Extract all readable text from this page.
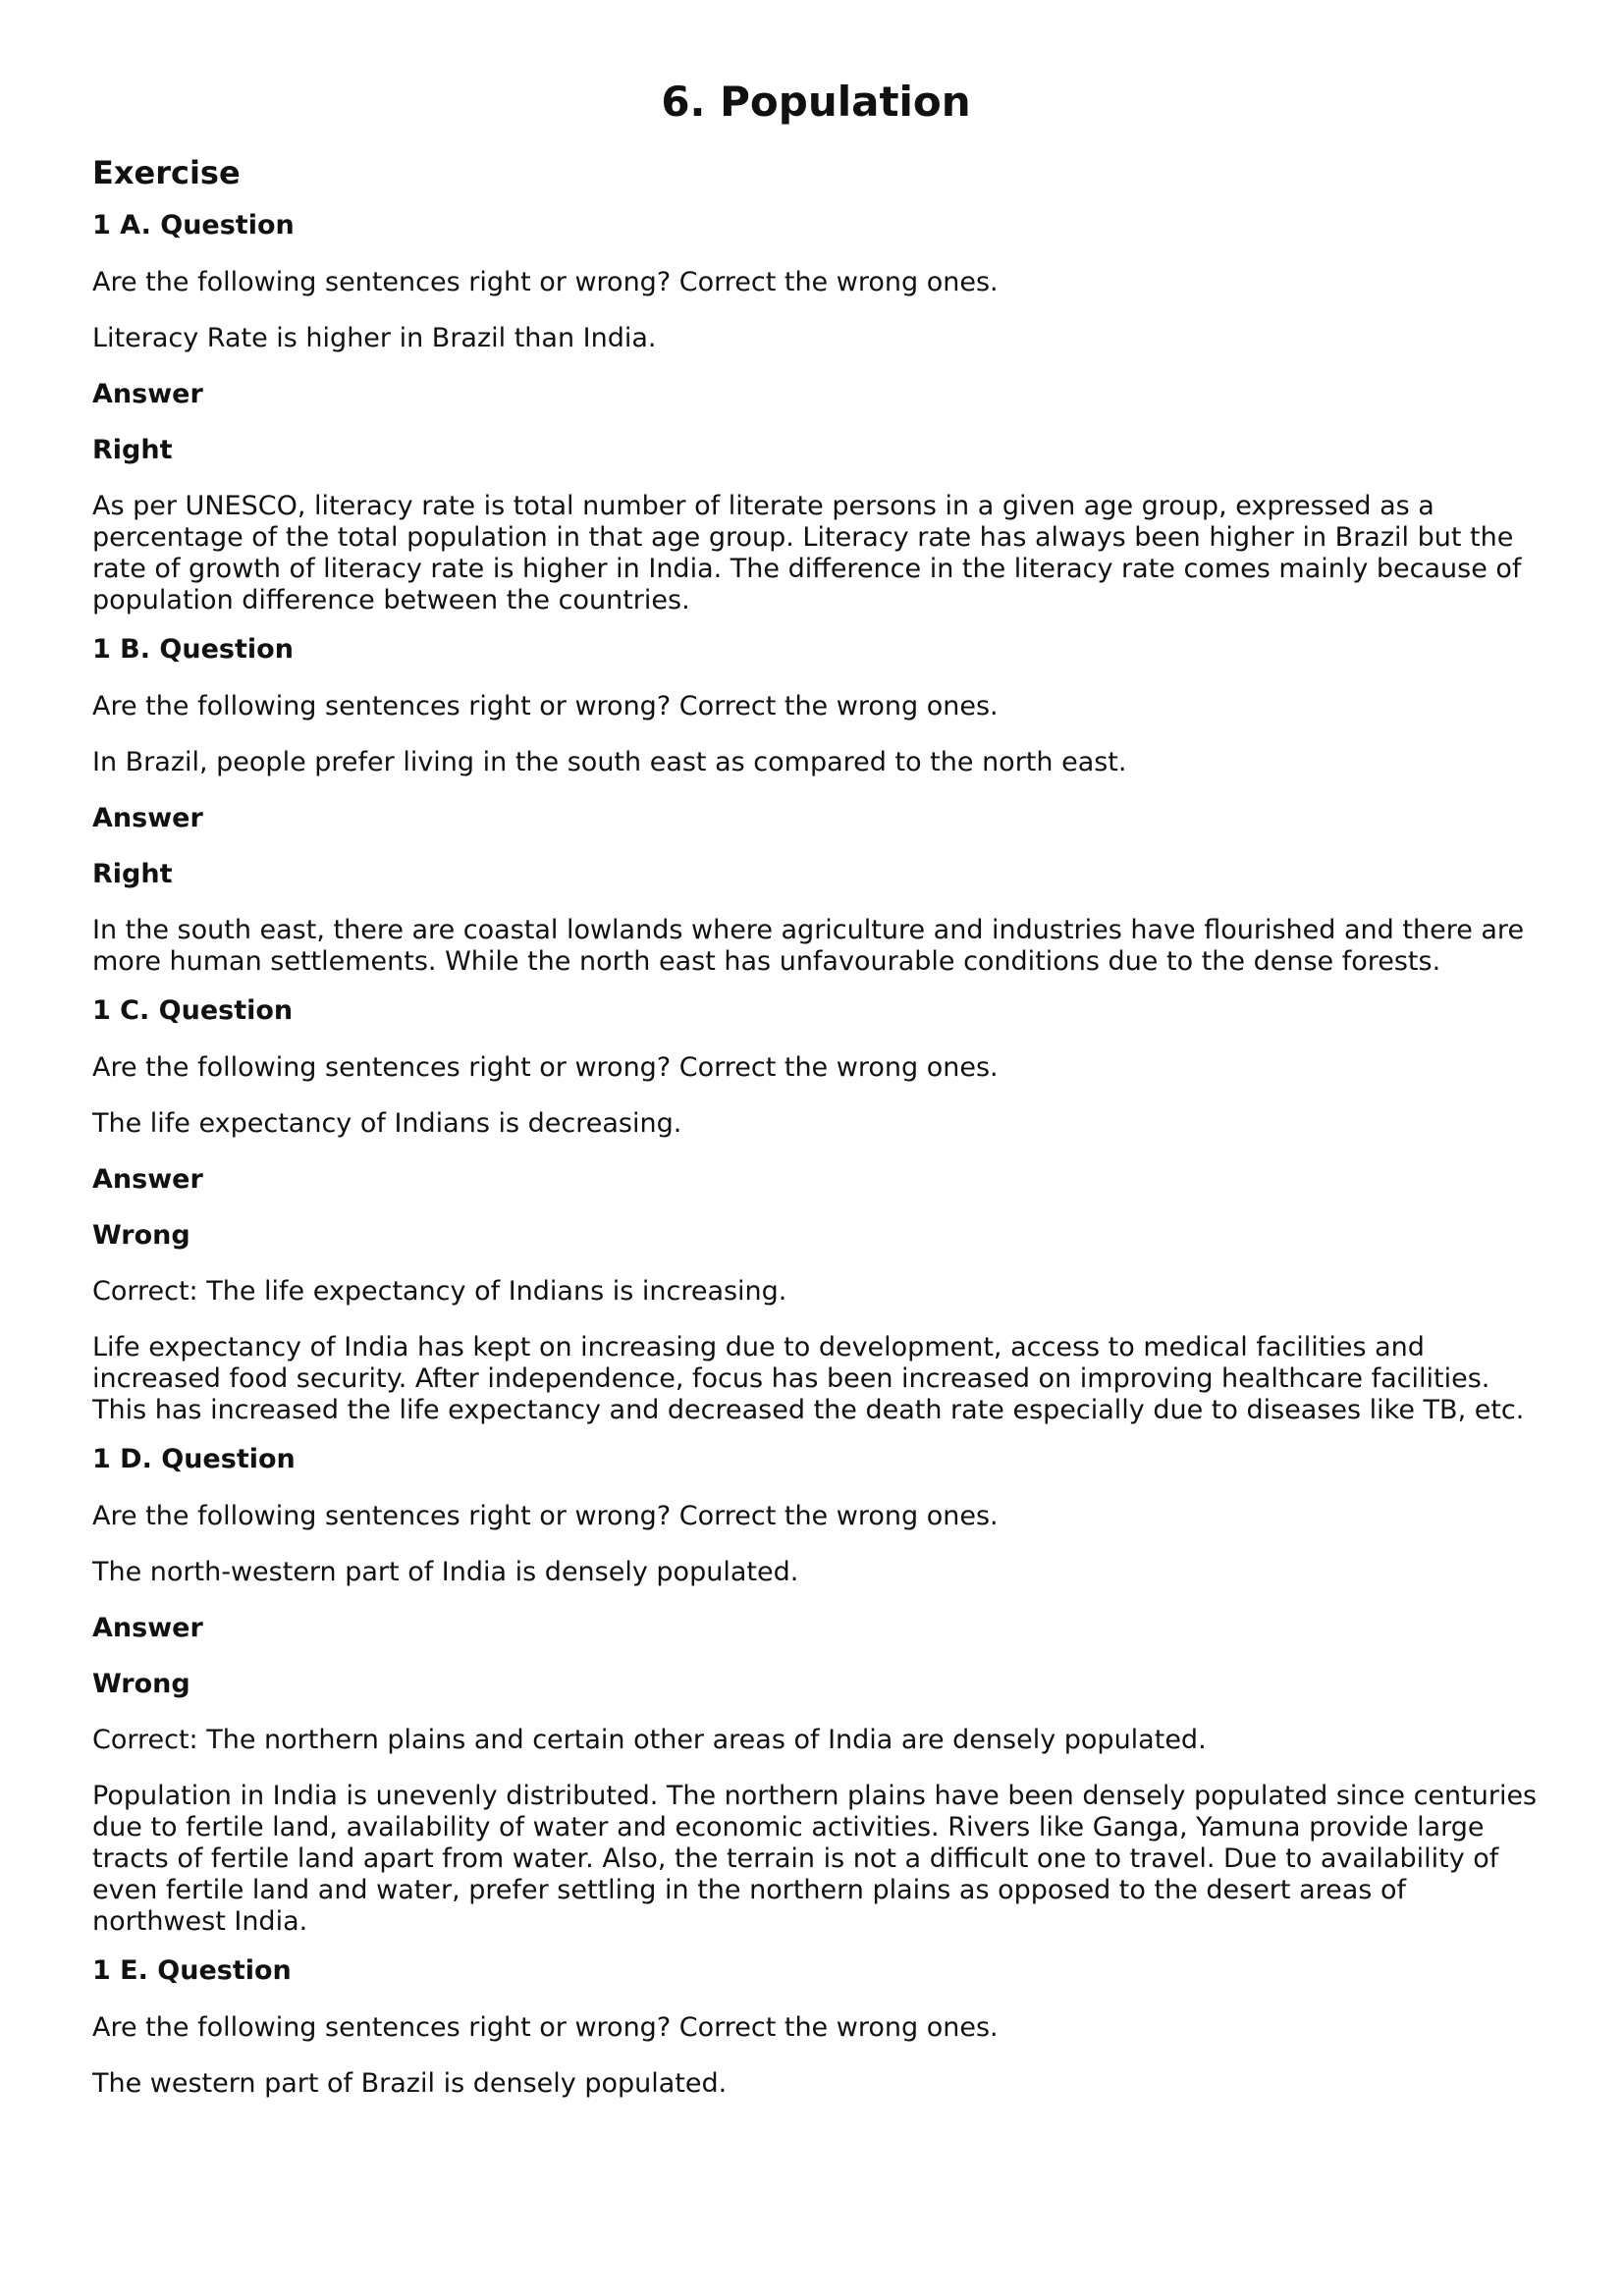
6. Population
Exercise
1 A. Question

Are the following sentences right or wrong? Correct the wrong ones.

Literacy Rate is higher in Brazil than India.

Answer

Right

As per UNESCO, literacy rate is total number of literate persons in a given age group, expressed as a percentage of the total population in that age group. Literacy rate has always been higher in Brazil but the rate of growth of literacy rate is higher in India. The difference in the literacy rate comes mainly because of population difference between the countries.

1 B. Question

Are the following sentences right or wrong? Correct the wrong ones.

In Brazil, people prefer living in the south east as compared to the north east.

Answer

Right

In the south east, there are coastal lowlands where agriculture and industries have flourished and there are more human settlements. While the north east has unfavourable conditions due to the dense forests.

1 C. Question

Are the following sentences right or wrong? Correct the wrong ones.

The life expectancy of Indians is decreasing.

Answer

Wrong

Correct: The life expectancy of Indians is increasing.

Life expectancy of India has kept on increasing due to development, access to medical facilities and increased food security. After independence, focus has been increased on improving healthcare facilities. This has increased the life expectancy and decreased the death rate especially due to diseases like TB, etc.

1 D. Question

Are the following sentences right or wrong? Correct the wrong ones.

The north-western part of India is densely populated.

Answer

Wrong

Correct: The northern plains and certain other areas of India are densely populated.

Population in India is unevenly distributed. The northern plains have been densely populated since centuries due to fertile land, availability of water and economic activities. Rivers like Ganga, Yamuna provide large tracts of fertile land apart from water. Also, the terrain is not a difficult one to travel. Due to availability of even fertile land and water, prefer settling in the northern plains as opposed to the desert areas of northwest India.

1 E. Question

Are the following sentences right or wrong? Correct the wrong ones.

The western part of Brazil is densely populated.
